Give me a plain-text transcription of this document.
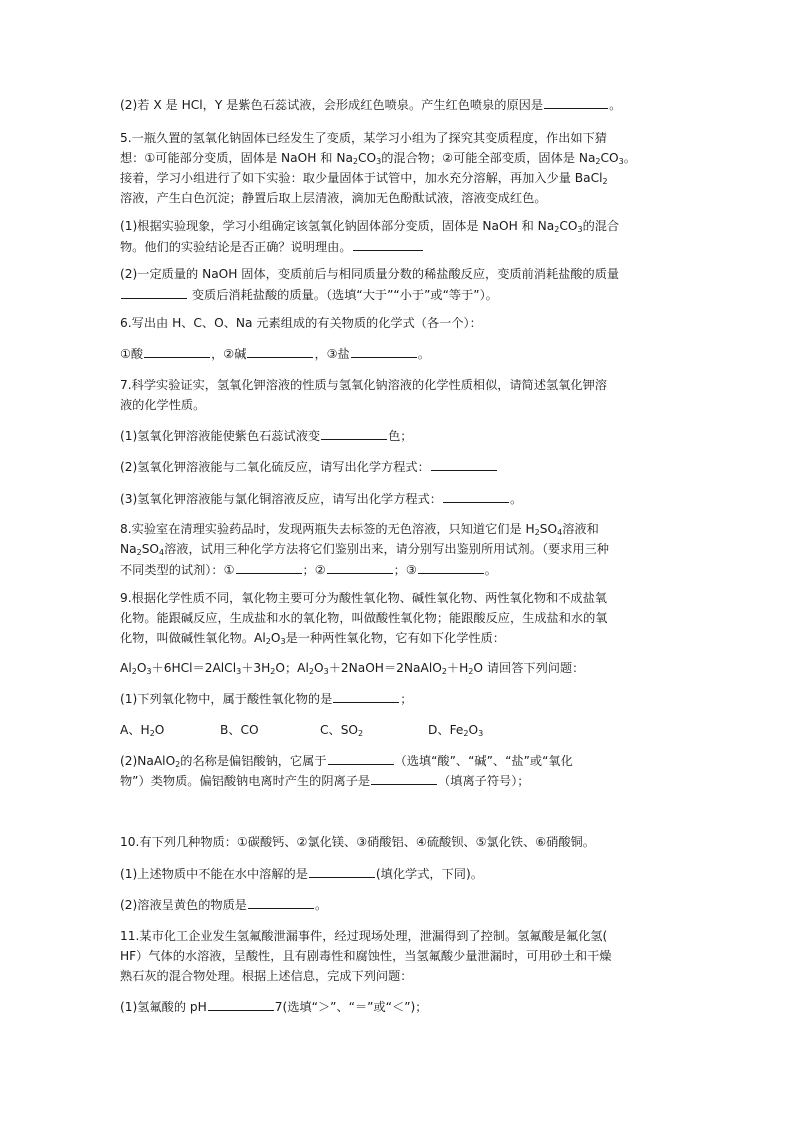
(2)若 X 是 HCl，Y 是紫色石蕊试液，会形成红色喷泉。产生红色喷泉的原因是	。
5.一瓶久置的氢氧化钠固体已经发生了变质，某学习小组为了探究其变质程度，作出如下猜
想：①可能部分变质，固体是 NaOH 和 $Na_2CO_3$的混合物；②可能全部变质，固体是 $Na_2CO_3$。
接着，学习小组进行了如下实验：取少量固体于试管中，加水充分溶解，再加入少量 BaCl$_2$
溶液，产生白色沉淀；静置后取上层清液，滴加无色酚酞试液，溶液变成红色。
(1)根据实验现象，学习小组确定该氢氧化钠固体部分变质，固体是 NaOH 和 $Na_2CO_3$的混合
物。他们的实验结论是否正确？说明理由。
(2)一定质量的 NaOH 固体，变质前后与相同质量分数的稀盐酸反应，变质前消耗盐酸的质量
变质后消耗盐酸的质量。（选填“大于”“小于”或“等于”）。
6.写出由 H、C、O、Na 元素组成的有关物质的化学式（各一个）：
①酸	，②碱	，③盐	。
7.科学实验证实，氢氧化钾溶液的性质与氢氧化钠溶液的化学性质相似，请简述氢氧化钾溶
液的化学性质。
(1)氢氧化钾溶液能使紫色石蕊试液变	色；
(2)氢氧化钾溶液能与二氧化硫反应，请写出化学方程式：
(3)氢氧化钾溶液能与氯化铜溶液反应，请写出化学方程式：	。
8.实验室在清理实验药品时，发现两瓶失去标签的无色溶液，只知道它们是 $H_2SO_4$溶液和
$Na_2SO_4$溶液，试用三种化学方法将它们鉴别出来，请分别写出鉴别所用试剂。（要求用三种
不同类型的试剂）：①	；②	；③	。
9.根据化学性质不同，氧化物主要可分为酸性氧化物、碱性氧化物、两性氧化物和不成盐氧
化物。能跟碱反应，生成盐和水的氧化物，叫做酸性氧化物；能跟酸反应，生成盐和水的氧
化物，叫做碱性氧化物。$Al_2O_3$是一种两性氧化物，它有如下化学性质：
$Al_2O_3+6HCl=2AlCl_3+3H_2O$；$Al_2O_3+2NaOH=2NaAlO_2+H_2O$ 请回答下列问题：
(1)下列氧化物中，属于酸性氧化物的是	；
A、$H_2O$	B、CO	C、$SO_2$	D、$Fe_2O_3$
(2)NaAlO$_2$的名称是偏铝酸钠，它属于	（选填“酸”、“碱”、“盐”或“氧化
物”）类物质。偏铝酸钠电离时产生的阴离子是	（填离子符号）；
10.有下列几种物质：①碳酸钙、②氯化镁、③硝酸铝、④硫酸钡、⑤氯化铁、⑥硝酸铜。
(1)上述物质中不能在水中溶解的是	(填化学式，下同)。
(2)溶液呈黄色的物质是	。
11.某市化工企业发生氢氟酸泄漏事件，经过现场处理，泄漏得到了控制。氢氟酸是氟化氢(
HF）气体的水溶液，呈酸性，且有剧毒性和腐蚀性，当氢氟酸少量泄漏时，可用砂土和干燥
熟石灰的混合物处理。根据上述信息，完成下列问题：
(1)氢氟酸的 pH	7(选填“＞”、“＝”或“＜”)；
